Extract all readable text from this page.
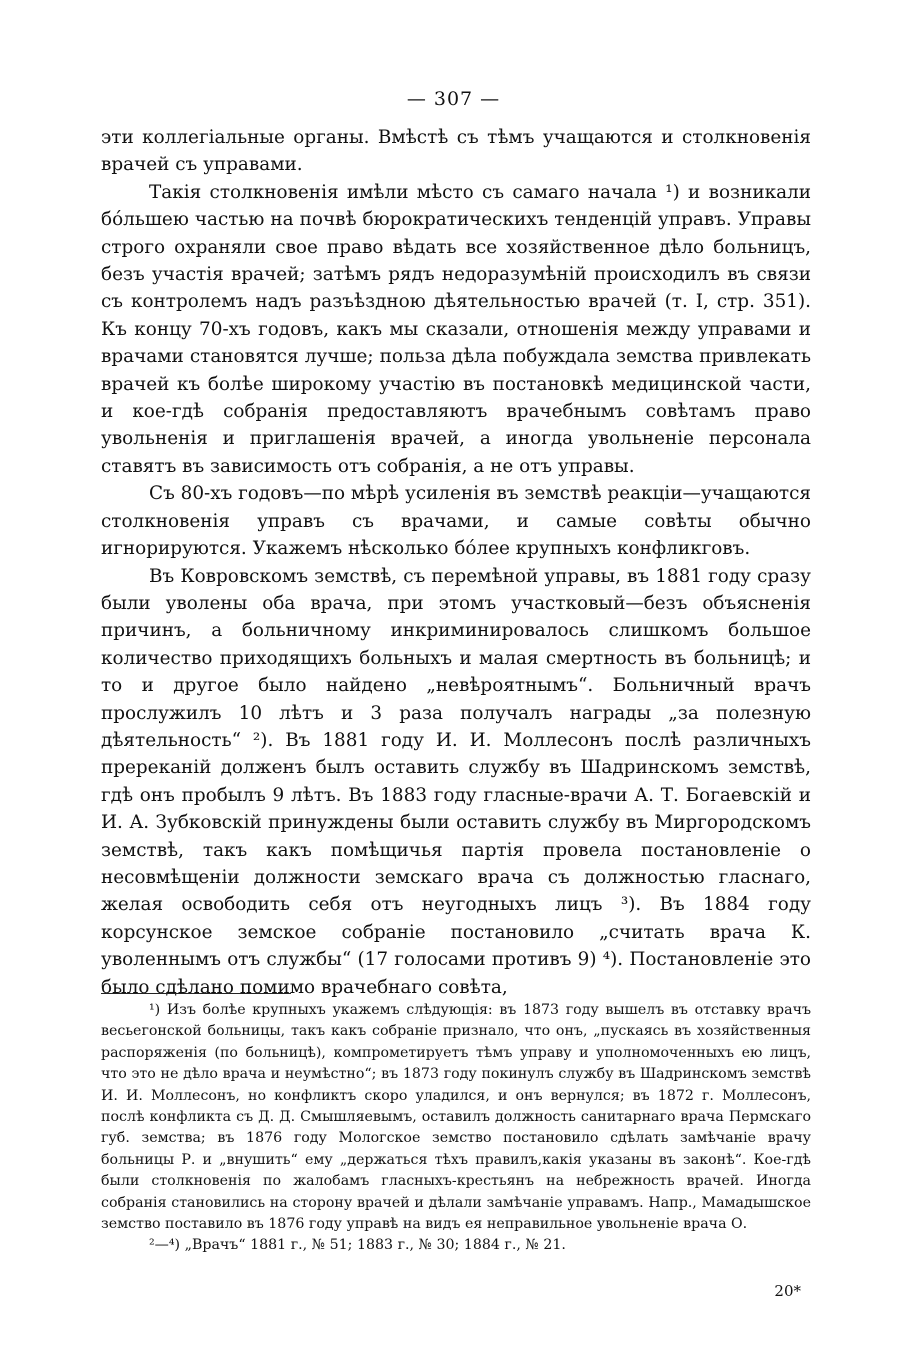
— 307 —

эти коллегіальные органы. Вмѣстѣ съ тѣмъ учащаются и столкновенія врачей съ управами.

Такія столкновенія имѣли мѣсто съ самаго начала ¹) и возникали бо́льшею частью на почвѣ бюрократическихъ тенденцій управъ. Управы строго охраняли свое право вѣдать все хозяйственное дѣло больницъ, безъ участія врачей; затѣмъ рядъ недоразумѣній происходилъ въ связи съ контролемъ надъ разъѣздною дѣятельностью врачей (т. I, стр. 351). Къ концу 70-хъ годовъ, какъ мы сказали, отношенія между управами и врачами становятся лучше; польза дѣла побуждала земства привлекать врачей къ болѣе широкому участію въ постановкѣ медицинской части, и кое-гдѣ собранія предоставляютъ врачебнымъ совѣтамъ право увольненія и приглашенія врачей, а иногда увольненіе персонала ставятъ въ зависимость отъ собранія, а не отъ управы.

Съ 80-хъ годовъ—по мѣрѣ усиленія въ земствѣ реакціи—учащаются столкновенія управъ съ врачами, и самые совѣты обычно игнорируются. Укажемъ нѣсколько бо́лее крупныхъ конфликговъ.

Въ Ковровскомъ земствѣ, съ перемѣной управы, въ 1881 году сразу были уволены оба врача, при этомъ участковый—безъ объясненія причинъ, а больничному инкриминировалось слишкомъ большое количество приходящихъ больныхъ и малая смертность въ больницѣ; и то и другое было найдено „невѣроятнымъ“. Больничный врачъ прослужилъ 10 лѣтъ и 3 раза получалъ награды „за полезную дѣятельность“ ²). Въ 1881 году И. И. Моллесонъ послѣ различныхъ пререканій долженъ былъ оставить службу въ Шадринскомъ земствѣ, гдѣ онъ пробылъ 9 лѣтъ. Въ 1883 году гласные-врачи А. Т. Богаевскій и И. А. Зубковскій принуждены были оставить службу въ Миргородскомъ земствѣ, такъ какъ помѣщичья партія провела постановленіе о несовмѣщеніи должности земскаго врача съ должностью гласнаго, желая освободить себя отъ неугодныхъ лицъ ³). Въ 1884 году корсунское земское собраніе постановило „считать врача К. уволеннымъ отъ службы“ (17 голосами противъ 9) ⁴). Постановленіе это было сдѣлано помимо врачебнаго совѣта,

¹) Изъ болѣе крупныхъ укажемъ слѣдующія: въ 1873 году вышелъ въ отставку врачъ весьегонской больницы, такъ какъ собраніе признало, что онъ, „пускаясь въ хозяйственныя распоряженія (по больницѣ), компрометируетъ тѣмъ управу и уполномоченныхъ ею лицъ, что это не дѣло врача и неумѣстно“; въ 1873 году покинулъ службу въ Шадринскомъ земствѣ И. И. Моллесонъ, но конфликтъ скоро уладился, и онъ вернулся; въ 1872 г. Моллесонъ, послѣ конфликта съ Д. Д. Смышляевымъ, оставилъ должность санитарнаго врача Пермскаго губ. земства; въ 1876 году Мологское земство постановило сдѣлать замѣчаніе врачу больницы Р. и „внушить“ ему „держаться тѣхъ правилъ,какія указаны въ законѣ“. Кое-гдѣ были столкновенія по жалобамъ гласныхъ-крестьянъ на небрежность врачей. Иногда собранія становились на сторону врачей и дѣлали замѣчаніе управамъ. Напр., Мамадышское земство поставило въ 1876 году управѣ на видъ ея неправильное увольненіе врача О.

²—⁴) „Врачъ“ 1881 г., № 51; 1883 г., № 30; 1884 г., № 21.

20*
